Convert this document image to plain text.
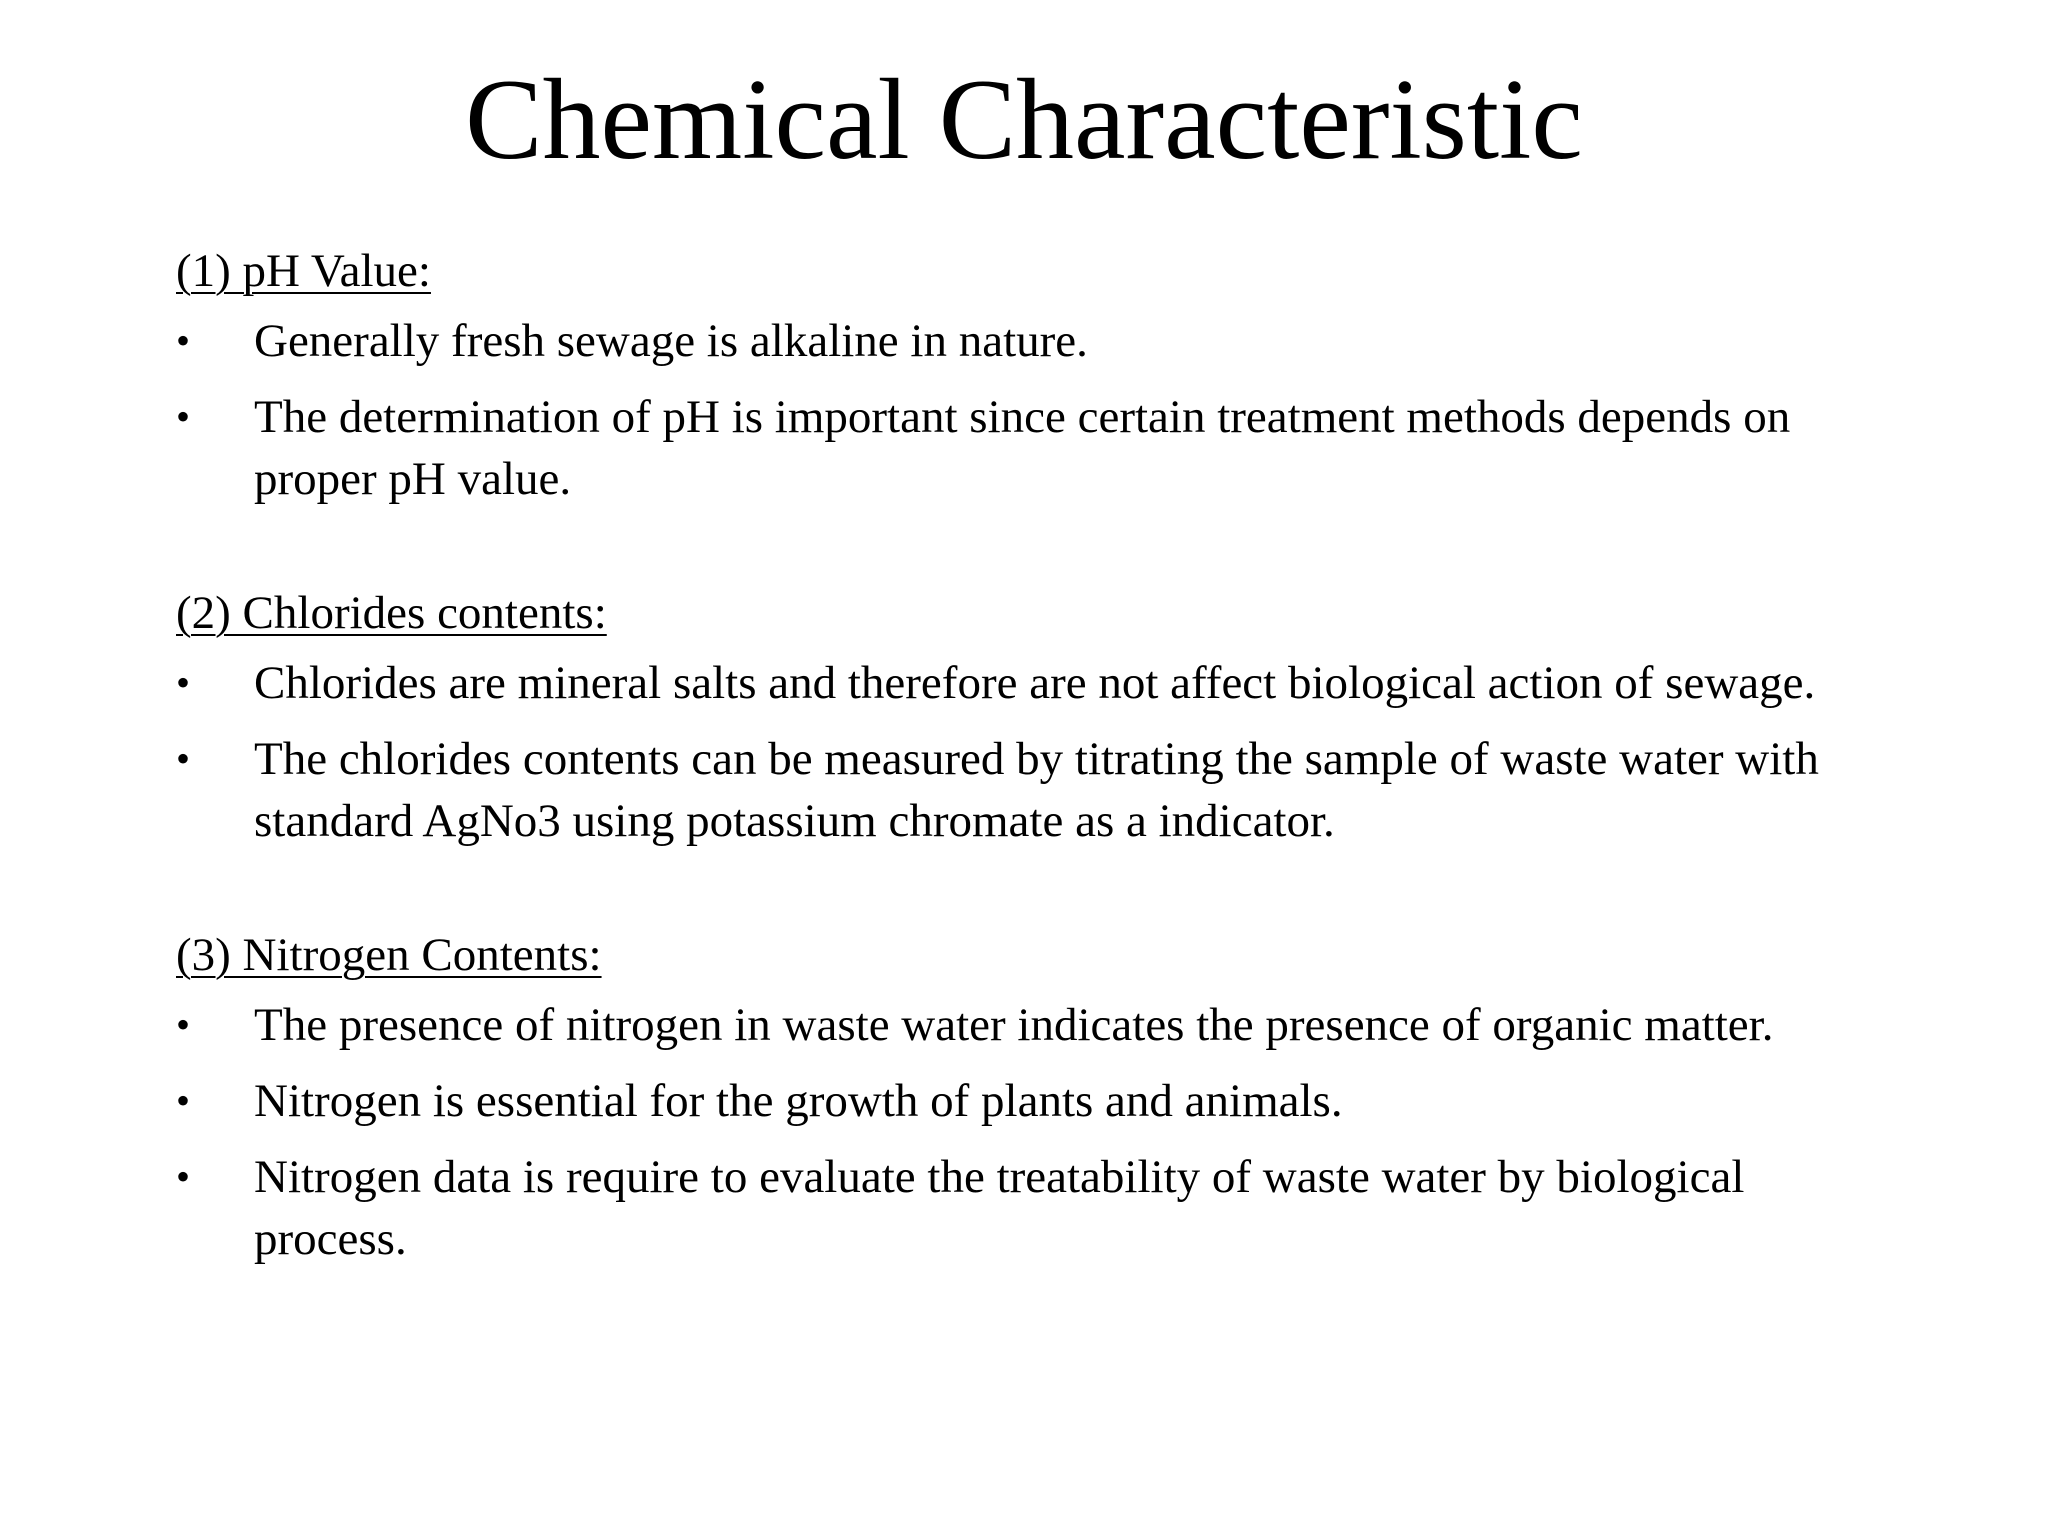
Chemical Characteristic
(1) pH Value:
•	Generally fresh sewage is alkaline in nature.
•	The determination of pH is important since certain treatment methods depends on proper pH value.
(2) Chlorides contents:
•	Chlorides are mineral salts and therefore are not affect biological action of sewage.
•	The chlorides contents can be measured by titrating the sample of waste water with standard AgNo3 using potassium chromate as a indicator.
(3) Nitrogen Contents:
•	The presence of nitrogen in waste water indicates the presence of organic matter.
•	Nitrogen is essential for the growth of plants and animals.
•	Nitrogen data is require to evaluate the treatability of waste water by biological process.
